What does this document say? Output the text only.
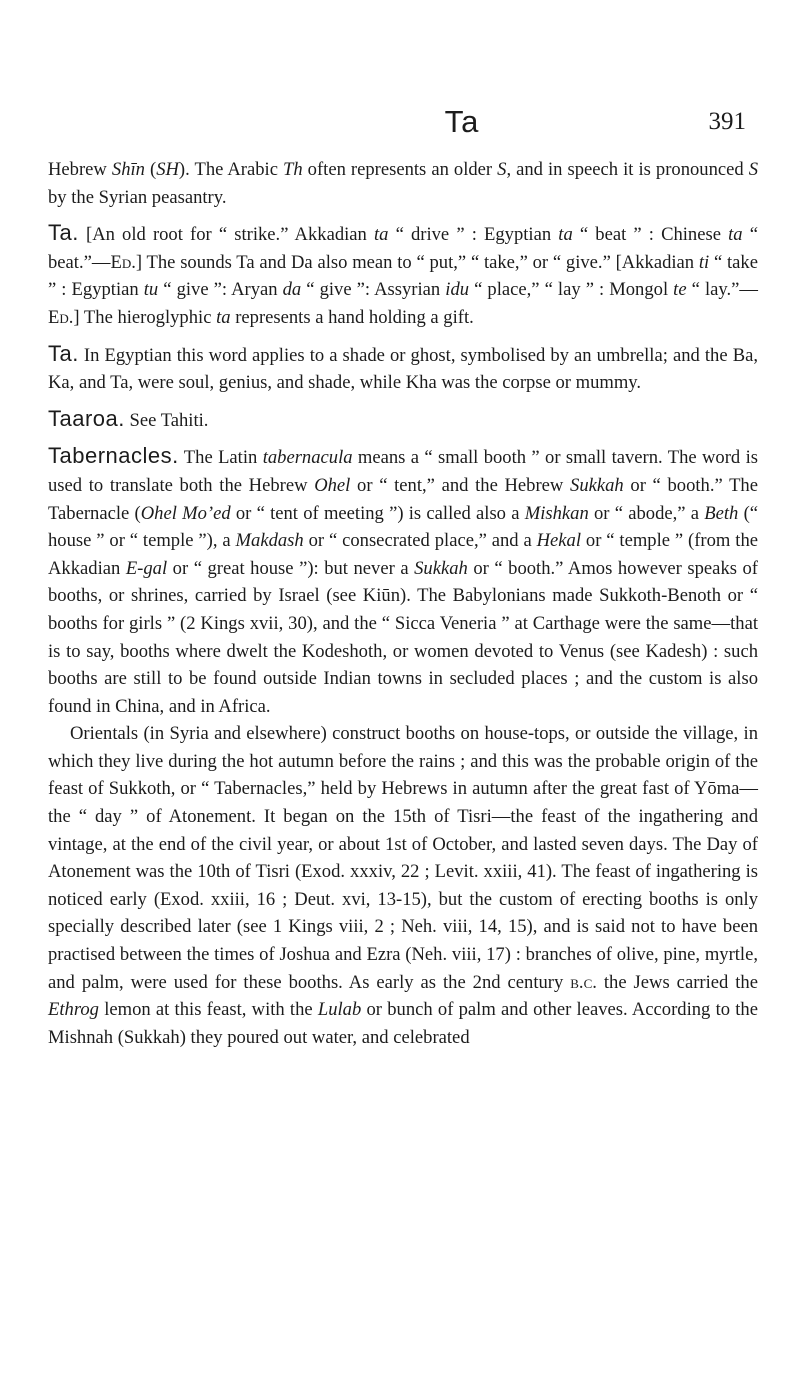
Ta	391

Hebrew Shīn (SH). The Arabic Th often represents an older S, and in speech it is pronounced S by the Syrian peasantry.

Ta. [An old root for “ strike.” Akkadian ta “ drive ” : Egyptian ta “ beat ” : Chinese ta “ beat.”—Ed.] The sounds Ta and Da also mean to “ put,” “ take,” or “ give.” [Akkadian ti “ take ” : Egyptian tu “ give ”: Aryan da “ give ”: Assyrian idu “ place,” “ lay ” : Mongol te “ lay.”—Ed.] The hieroglyphic ta represents a hand holding a gift.

Ta. In Egyptian this word applies to a shade or ghost, symbolised by an umbrella; and the Ba, Ka, and Ta, were soul, genius, and shade, while Kha was the corpse or mummy.

Taaroa. See Tahiti.

Tabernacles. The Latin tabernacula means a “ small booth ” or small tavern. The word is used to translate both the Hebrew Ohel or “ tent,” and the Hebrew Sukkah or “ booth.” The Tabernacle (Ohel Mo’ed or “ tent of meeting ”) is called also a Mishkan or “ abode,” a Beth (“ house ” or “ temple ”), a Makdash or “ consecrated place,” and a Hekal or “ temple ” (from the Akkadian E-gal or “ great house ”): but never a Sukkah or “ booth.” Amos however speaks of booths, or shrines, carried by Israel (see Kiūn). The Babylonians made Sukkoth-Benoth or “ booths for girls ” (2 Kings xvii, 30), and the “ Sicca Veneria ” at Carthage were the same—that is to say, booths where dwelt the Kodeshoth, or women devoted to Venus (see Kadesh) : such booths are still to be found outside Indian towns in secluded places ; and the custom is also found in China, and in Africa.

Orientals (in Syria and elsewhere) construct booths on house-tops, or outside the village, in which they live during the hot autumn before the rains ; and this was the probable origin of the feast of Sukkoth, or “ Tabernacles,” held by Hebrews in autumn after the great fast of Yōma—the “ day ” of Atonement. It began on the 15th of Tisri—the feast of the ingathering and vintage, at the end of the civil year, or about 1st of October, and lasted seven days. The Day of Atonement was the 10th of Tisri (Exod. xxxiv, 22 ; Levit. xxiii, 41). The feast of ingathering is noticed early (Exod. xxiii, 16 ; Deut. xvi, 13-15), but the custom of erecting booths is only specially described later (see 1 Kings viii, 2 ; Neh. viii, 14, 15), and is said not to have been practised between the times of Joshua and Ezra (Neh. viii, 17) : branches of olive, pine, myrtle, and palm, were used for these booths. As early as the 2nd century b.c. the Jews carried the Ethrog lemon at this feast, with the Lulab or bunch of palm and other leaves. According to the Mishnah (Sukkah) they poured out water, and celebrated
